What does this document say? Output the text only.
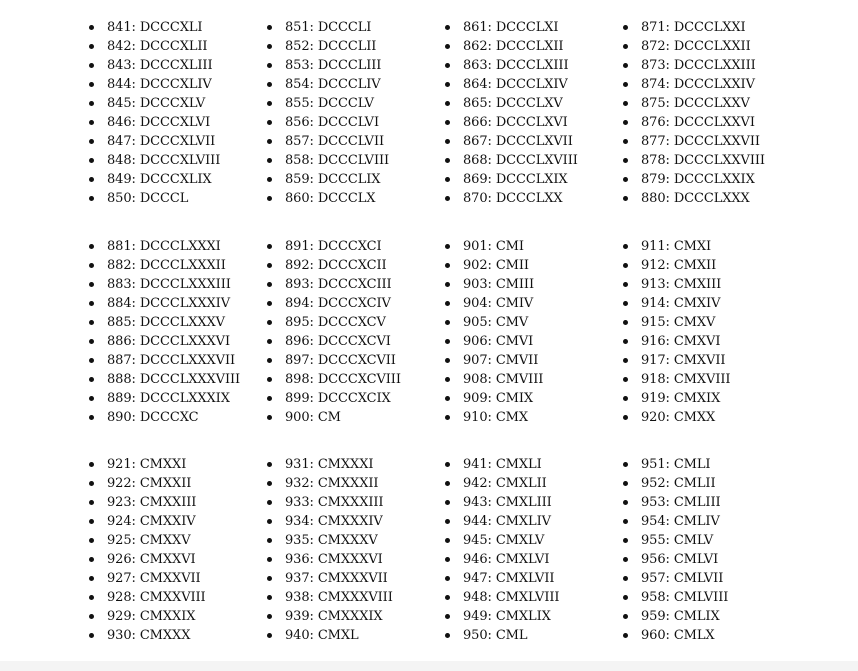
841: DCCCXLI
842: DCCCXLII
843: DCCCXLIII
844: DCCCXLIV
845: DCCCXLV
846: DCCCXLVI
847: DCCCXLVII
848: DCCCXLVIII
849: DCCCXLIX
850: DCCCL
851: DCCCLI
852: DCCCLII
853: DCCCLIII
854: DCCCLIV
855: DCCCLV
856: DCCCLVI
857: DCCCLVII
858: DCCCLVIII
859: DCCCLIX
860: DCCCLX
861: DCCCLXI
862: DCCCLXII
863: DCCCLXIII
864: DCCCLXIV
865: DCCCLXV
866: DCCCLXVI
867: DCCCLXVII
868: DCCCLXVIII
869: DCCCLXIX
870: DCCCLXX
871: DCCCLXXI
872: DCCCLXXII
873: DCCCLXXIII
874: DCCCLXXIV
875: DCCCLXXV
876: DCCCLXXVI
877: DCCCLXXVII
878: DCCCLXXVIII
879: DCCCLXXIX
880: DCCCLXXX
881: DCCCLXXXI
882: DCCCLXXXII
883: DCCCLXXXIII
884: DCCCLXXXIV
885: DCCCLXXXV
886: DCCCLXXXVI
887: DCCCLXXXVII
888: DCCCLXXXVIII
889: DCCCLXXXIX
890: DCCCXC
891: DCCCXCI
892: DCCCXCII
893: DCCCXCIII
894: DCCCXCIV
895: DCCCXCV
896: DCCCXCVI
897: DCCCXCVII
898: DCCCXCVIII
899: DCCCXCIX
900: CM
901: CMI
902: CMII
903: CMIII
904: CMIV
905: CMV
906: CMVI
907: CMVII
908: CMVIII
909: CMIX
910: CMX
911: CMXI
912: CMXII
913: CMXIII
914: CMXIV
915: CMXV
916: CMXVI
917: CMXVII
918: CMXVIII
919: CMXIX
920: CMXX
921: CMXXI
922: CMXXII
923: CMXXIII
924: CMXXIV
925: CMXXV
926: CMXXVI
927: CMXXVII
928: CMXXVIII
929: CMXXIX
930: CMXXX
931: CMXXXI
932: CMXXXII
933: CMXXXIII
934: CMXXXIV
935: CMXXXV
936: CMXXXVI
937: CMXXXVII
938: CMXXXVIII
939: CMXXXIX
940: CMXL
941: CMXLI
942: CMXLII
943: CMXLIII
944: CMXLIV
945: CMXLV
946: CMXLVI
947: CMXLVII
948: CMXLVIII
949: CMXLIX
950: CML
951: CMLI
952: CMLII
953: CMLIII
954: CMLIV
955: CMLV
956: CMLVI
957: CMLVII
958: CMLVIII
959: CMLIX
960: CMLX
